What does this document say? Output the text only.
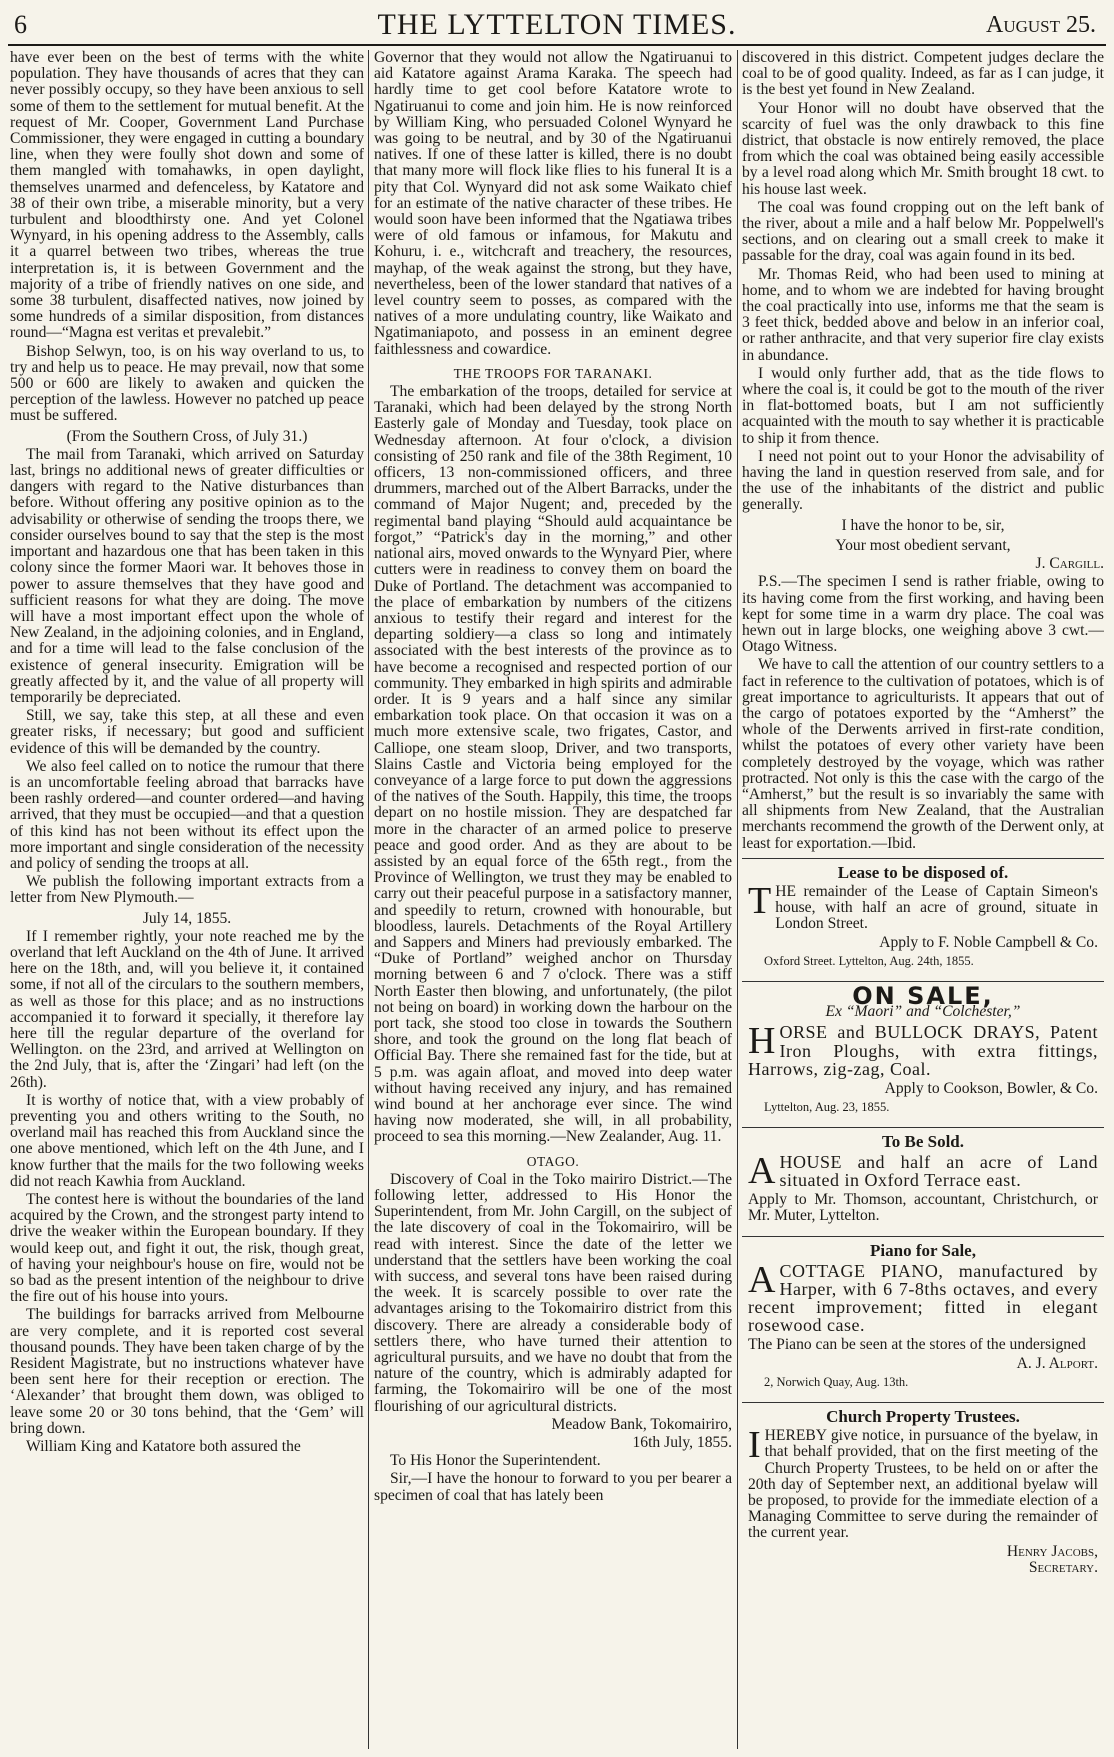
6	THE LYTTELTON TIMES.	August 25.

have ever been on the best of terms with the white population. They have thousands of acres that they can never possibly occupy, so they have been anxious to sell some of them to the settlement for mutual benefit. At the request of Mr. Cooper, Government Land Purchase Commissioner, they were engaged in cutting a boundary line, when they were foully shot down and some of them mangled with tomahawks, in open daylight, themselves unarmed and defenceless, by Katatore and 38 of their own tribe, a miserable minority, but a very turbulent and bloodthirsty one. And yet Colonel Wynyard, in his opening address to the Assembly, calls it a quarrel between two tribes, whereas the true interpretation is, it is between Government and the majority of a tribe of friendly natives on one side, and some 38 turbulent, disaffected natives, now joined by some hundreds of a similar disposition, from distances round—“Magna est veritas et prevalebit.”

Bishop Selwyn, too, is on his way overland to us, to try and help us to peace. He may prevail, now that some 500 or 600 are likely to awaken and quicken the perception of the lawless. However no patched up peace must be suffered.

(From the Southern Cross, of July 31.)

The mail from Taranaki, which arrived on Saturday last, brings no additional news of greater difficulties or dangers with regard to the Native disturbances than before. Without offering any positive opinion as to the advisability or otherwise of sending the troops there, we consider ourselves bound to say that the step is the most important and hazardous one that has been taken in this colony since the former Maori war. It behoves those in power to assure themselves that they have good and sufficient reasons for what they are doing. The move will have a most important effect upon the whole of New Zealand, in the adjoining colonies, and in England, and for a time will lead to the false conclusion of the existence of general insecurity. Emigration will be greatly affected by it, and the value of all property will temporarily be depreciated.

Still, we say, take this step, at all these and even greater risks, if necessary; but good and sufficient evidence of this will be demanded by the country.

We also feel called on to notice the rumour that there is an uncomfortable feeling abroad that barracks have been rashly ordered—and counter ordered—and having arrived, that they must be occupied—and that a question of this kind has not been without its effect upon the more important and single consideration of the necessity and policy of sending the troops at all.

We publish the following important extracts from a letter from New Plymouth.—

July 14, 1855.

If I remember rightly, your note reached me by the overland that left Auckland on the 4th of June. It arrived here on the 18th, and, will you believe it, it contained some, if not all of the circulars to the southern members, as well as those for this place; and as no instructions accompanied it to forward it specially, it therefore lay here till the regular departure of the overland for Wellington. on the 23rd, and arrived at Wellington on the 2nd July, that is, after the ‘Zingari’ had left (on the 26th).

It is worthy of notice that, with a view probably of preventing you and others writing to the South, no overland mail has reached this from Auckland since the one above mentioned, which left on the 4th June, and I know further that the mails for the two following weeks did not reach Kawhia from Auckland.

The contest here is without the boundaries of the land acquired by the Crown, and the strongest party intend to drive the weaker within the European boundary. If they would keep out, and fight it out, the risk, though great, of having your neighbour's house on fire, would not be so bad as the present intention of the neighbour to drive the fire out of his house into yours.

The buildings for barracks arrived from Melbourne are very complete, and it is reported cost several thousand pounds. They have been taken charge of by the Resident Magistrate, but no instructions whatever have been sent here for their reception or erection. The ‘Alexander’ that brought them down, was obliged to leave some 20 or 30 tons behind, that the ‘Gem’ will bring down.

William King and Katatore both assured the

Governor that they would not allow the Ngatiruanui to aid Katatore against Arama Karaka. The speech had hardly time to get cool before Katatore wrote to Ngatiruanui to come and join him. He is now reinforced by William King, who persuaded Colonel Wynyard he was going to be neutral, and by 30 of the Ngatiruanui natives. If one of these latter is killed, there is no doubt that many more will flock like flies to his funeral It is a pity that Col. Wynyard did not ask some Waikato chief for an estimate of the native character of these tribes. He would soon have been informed that the Ngatiawa tribes were of old famous or infamous, for Makutu and Kohuru, i. e., witchcraft and treachery, the resources, mayhap, of the weak against the strong, but they have, nevertheless, been of the lower standard that natives of a level country seem to posses, as compared with the natives of a more undulating country, like Waikato and Ngatimaniapoto, and possess in an eminent degree faithlessness and cowardice.

THE TROOPS FOR TARANAKI.

The embarkation of the troops, detailed for service at Taranaki, which had been delayed by the strong North Easterly gale of Monday and Tuesday, took place on Wednesday afternoon. At four o'clock, a division consisting of 250 rank and file of the 38th Regiment, 10 officers, 13 non-commissioned officers, and three drummers, marched out of the Albert Barracks, under the command of Major Nugent; and, preceded by the regimental band playing “Should auld acquaintance be forgot,” “Patrick's day in the morning,” and other national airs, moved onwards to the Wynyard Pier, where cutters were in readiness to convey them on board the Duke of Portland. The detachment was accompanied to the place of embarkation by numbers of the citizens anxious to testify their regard and interest for the departing soldiery—a class so long and intimately associated with the best interests of the province as to have become a recognised and respected portion of our community. They embarked in high spirits and admirable order. It is 9 years and a half since any similar embarkation took place. On that occasion it was on a much more extensive scale, two frigates, Castor, and Calliope, one steam sloop, Driver, and two transports, Slains Castle and Victoria being employed for the conveyance of a large force to put down the aggressions of the natives of the South. Happily, this time, the troops depart on no hostile mission. They are despatched far more in the character of an armed police to preserve peace and good order. And as they are about to be assisted by an equal force of the 65th regt., from the Province of Wellington, we trust they may be enabled to carry out their peaceful purpose in a satisfactory manner, and speedily to return, crowned with honourable, but bloodless, laurels. Detachments of the Royal Artillery and Sappers and Miners had previously embarked. The “Duke of Portland” weighed anchor on Thursday morning between 6 and 7 o'clock. There was a stiff North Easter then blowing, and unfortunately, (the pilot not being on board) in working down the harbour on the port tack, she stood too close in towards the Southern shore, and took the ground on the long flat beach of Official Bay. There she remained fast for the tide, but at 5 p.m. was again afloat, and moved into deep water without having received any injury, and has remained wind bound at her anchorage ever since. The wind having now moderated, she will, in all probability, proceed to sea this morning.—New Zealander, Aug. 11.

OTAGO.

Discovery of Coal in the Toko mairiro District.—The following letter, addressed to His Honor the Superintendent, from Mr. John Cargill, on the subject of the late discovery of coal in the Tokomairiro, will be read with interest. Since the date of the letter we understand that the settlers have been working the coal with success, and several tons have been raised during the week. It is scarcely possible to over rate the advantages arising to the Tokomairiro district from this discovery. There are already a considerable body of settlers there, who have turned their attention to agricultural pursuits, and we have no doubt that from the nature of the country, which is admirably adapted for farming, the Tokomairiro will be one of the most flourishing of our agricultural districts.

Meadow Bank, Tokomairiro,

16th July, 1855.

To His Honor the Superintendent.

Sir,—I have the honour to forward to you per bearer a specimen of coal that has lately been

discovered in this district. Competent judges declare the coal to be of good quality. Indeed, as far as I can judge, it is the best yet found in New Zealand.

Your Honor will no doubt have observed that the scarcity of fuel was the only drawback to this fine district, that obstacle is now entirely removed, the place from which the coal was obtained being easily accessible by a level road along which Mr. Smith brought 18 cwt. to his house last week.

The coal was found cropping out on the left bank of the river, about a mile and a half below Mr. Poppelwell's sections, and on clearing out a small creek to make it passable for the dray, coal was again found in its bed.

Mr. Thomas Reid, who had been used to mining at home, and to whom we are indebted for having brought the coal practically into use, informs me that the seam is 3 feet thick, bedded above and below in an inferior coal, or rather anthracite, and that very superior fire clay exists in abundance.

I would only further add, that as the tide flows to where the coal is, it could be got to the mouth of the river in flat-bottomed boats, but I am not sufficiently acquainted with the mouth to say whether it is practicable to ship it from thence.

I need not point out to your Honor the advisability of having the land in question reserved from sale, and for the use of the inhabitants of the district and public generally.

I have the honor to be, sir,

Your most obedient servant,

J. Cargill.

P.S.—The specimen I send is rather friable, owing to its having come from the first working, and having been kept for some time in a warm dry place. The coal was hewn out in large blocks, one weighing above 3 cwt.—Otago Witness.

We have to call the attention of our country settlers to a fact in reference to the cultivation of potatoes, which is of great importance to agriculturists. It appears that out of the cargo of potatoes exported by the “Amherst” the whole of the Derwents arrived in first-rate condition, whilst the potatoes of every other variety have been completely destroyed by the voyage, which was rather protracted. Not only is this the case with the cargo of the “Amherst,” but the result is so invariably the same with all shipments from New Zealand, that the Australian merchants recommend the growth of the Derwent only, at least for exportation.—Ibid.

Lease to be disposed of.

THE remainder of the Lease of Captain Simeon's house, with half an acre of ground, situate in London Street.

Apply to F. Noble Campbell & Co.

Oxford Street. Lyttelton, Aug. 24th, 1855.

ON SALE,

Ex “Maori” and “Colchester,”

HORSE and BULLOCK DRAYS, Patent Iron Ploughs, with extra fittings, Harrows, zig-zag, Coal.

Apply to Cookson, Bowler, & Co.

Lyttelton, Aug. 23, 1855.

To Be Sold.

AHOUSE and half an acre of Land situated in Oxford Terrace east.

Apply to Mr. Thomson, accountant, Christchurch, or Mr. Muter, Lyttelton.

Piano for Sale,

ACOTTAGE PIANO, manufactured by Harper, with 6 7-8ths octaves, and every recent improvement; fitted in elegant rosewood case.

The Piano can be seen at the stores of the undersigned

A. J. Alport.

2, Norwich Quay, Aug. 13th.

Church Property Trustees.

IHEREBY give notice, in pursuance of the byelaw, in that behalf provided, that on the first meeting of the Church Property Trustees, to be held on or after the 20th day of September next, an additional byelaw will be proposed, to provide for the immediate election of a Managing Committee to serve during the remainder of the current year.

Henry Jacobs,

Secretary.
